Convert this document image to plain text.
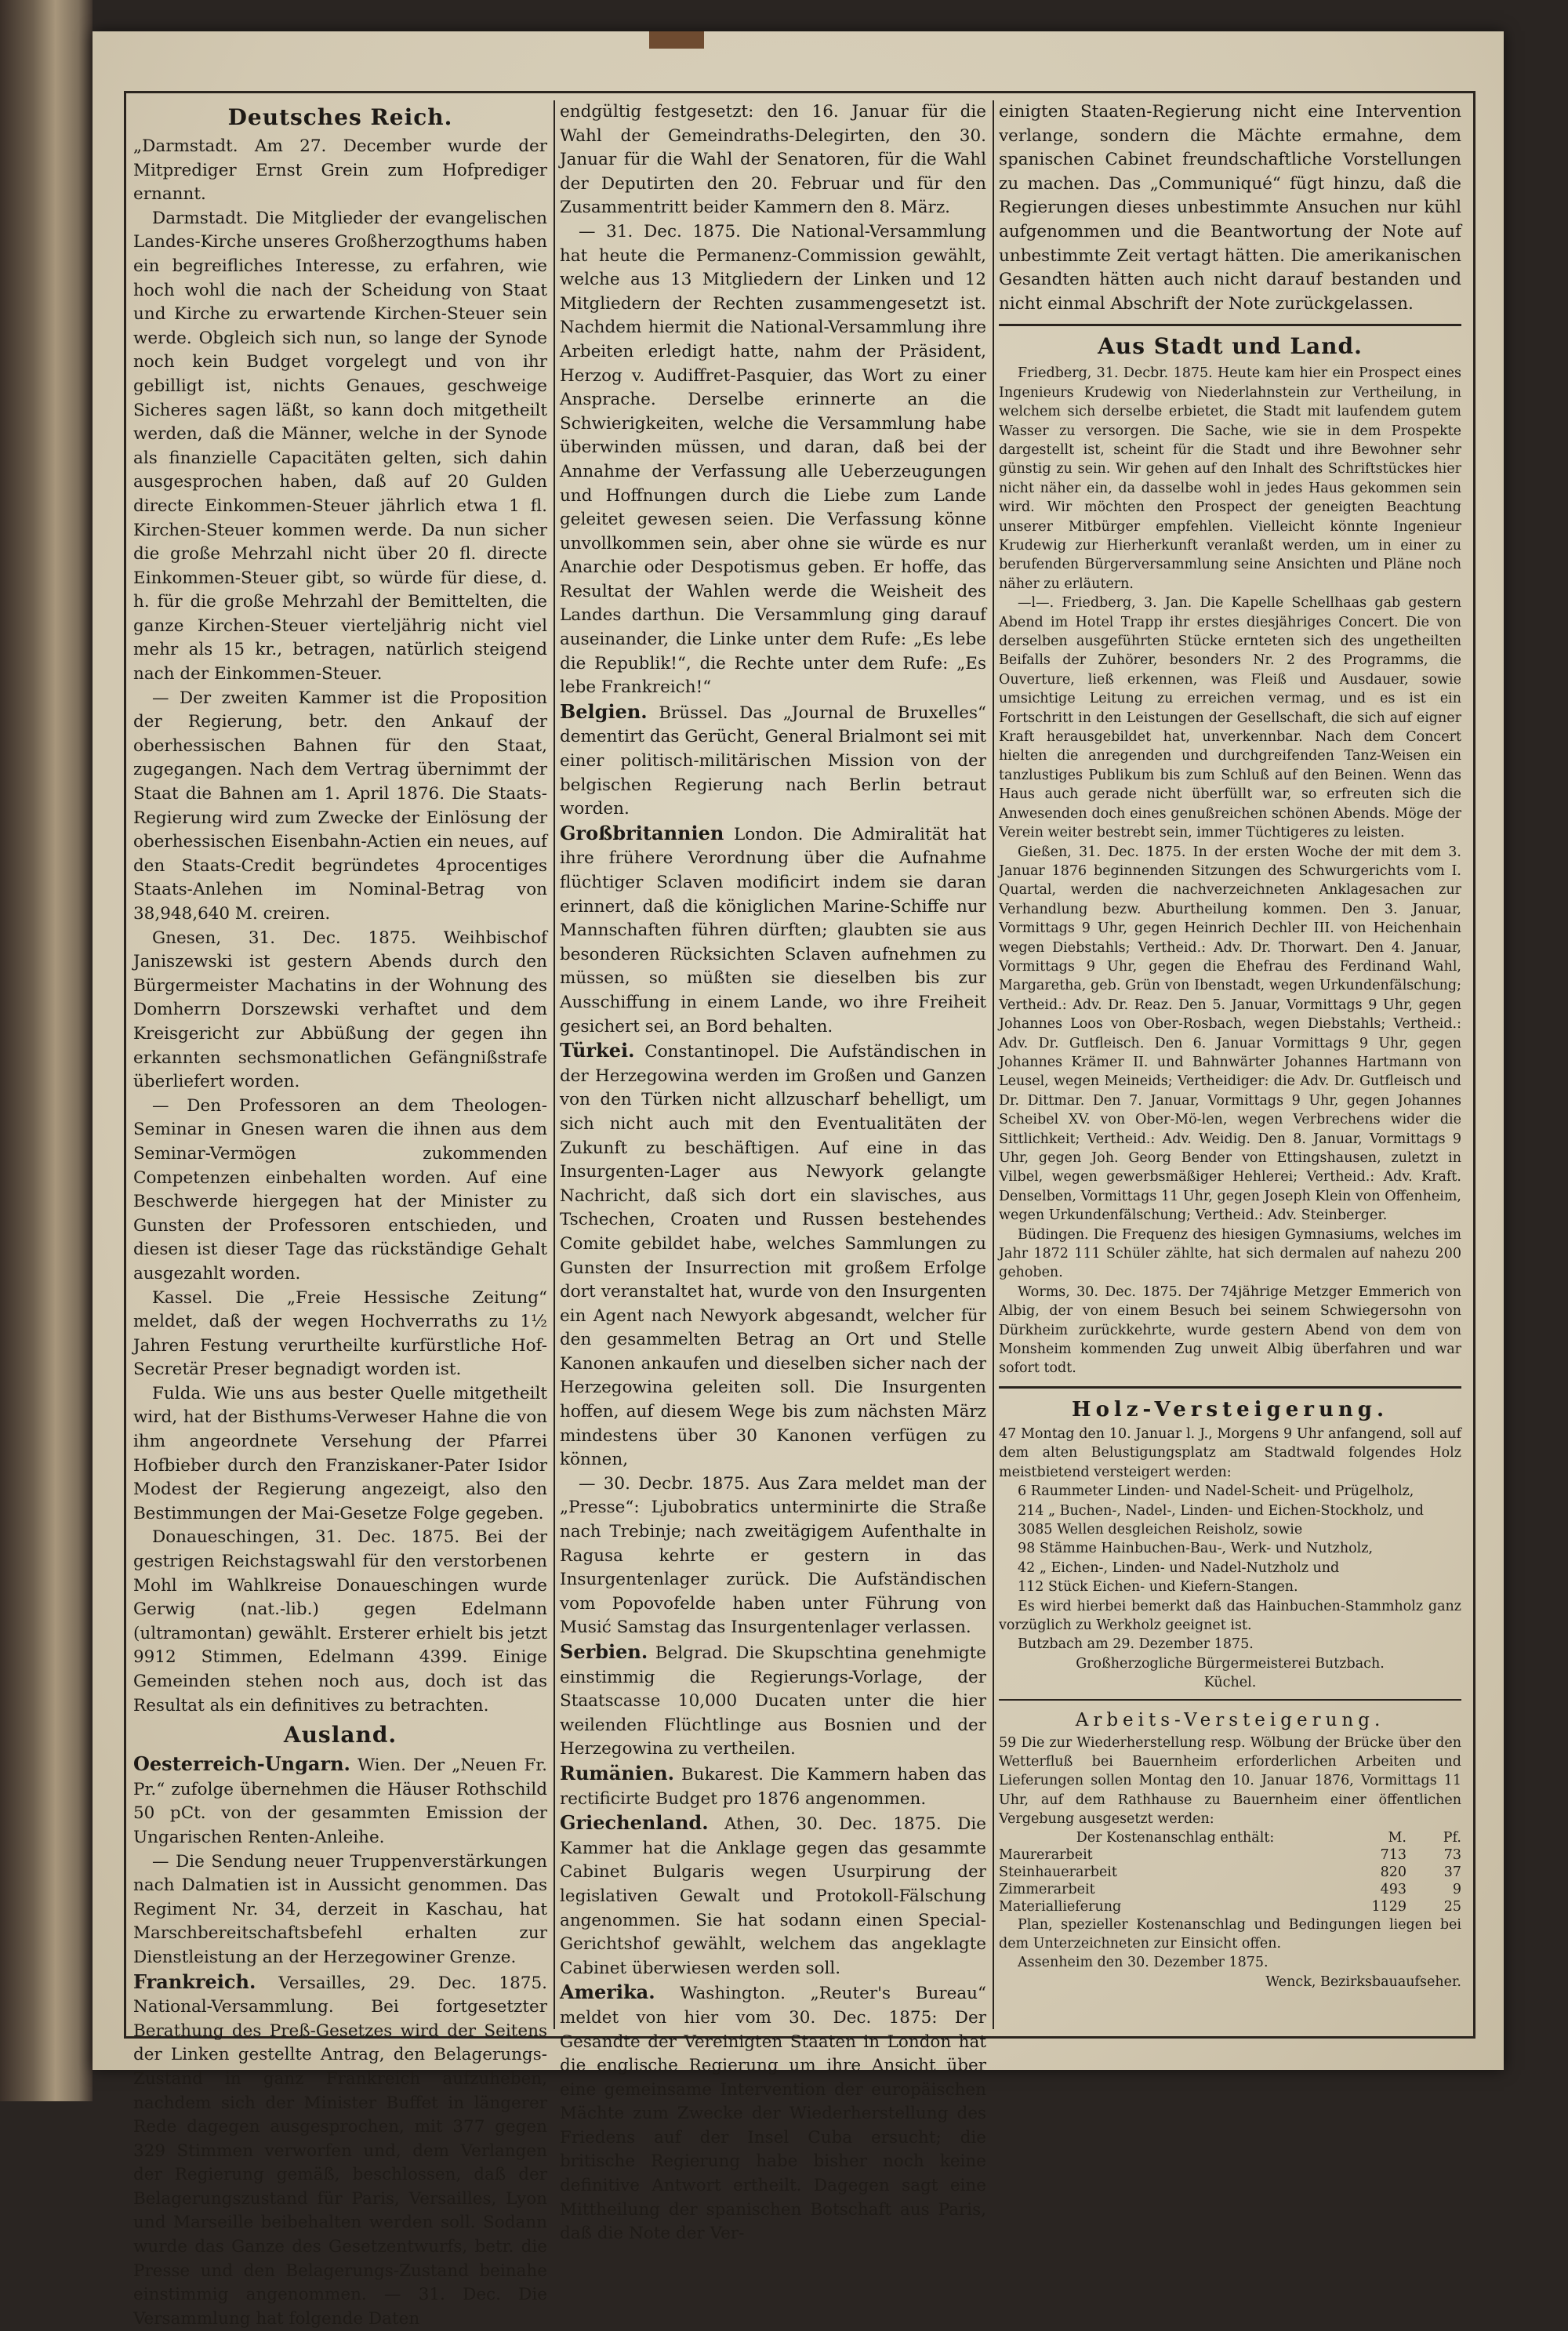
Deutsches Reich.

„Darmstadt. Am 27. December wurde der Mitprediger Ernst Grein zum Hofprediger ernannt.

Darmstadt. Die Mitglieder der evangelischen Landes-Kirche unseres Großherzogthums haben ein begreifliches Interesse, zu erfahren, wie hoch wohl die nach der Scheidung von Staat und Kirche zu erwartende Kirchen-Steuer sein werde. Obgleich sich nun, so lange der Synode noch kein Budget vorgelegt und von ihr gebilligt ist, nichts Genaues, geschweige Sicheres sagen läßt, so kann doch mitgetheilt werden, daß die Männer, welche in der Synode als finanzielle Capacitäten gelten, sich dahin ausgesprochen haben, daß auf 20 Gulden directe Einkommen-Steuer jährlich etwa 1 fl. Kirchen-Steuer kommen werde. Da nun sicher die große Mehrzahl nicht über 20 fl. directe Einkommen-Steuer gibt, so würde für diese, d. h. für die große Mehrzahl der Bemittelten, die ganze Kirchen-Steuer vierteljährig nicht viel mehr als 15 kr., betragen, natürlich steigend nach der Einkommen-Steuer.

— Der zweiten Kammer ist die Proposition der Regierung, betr. den Ankauf der oberhessischen Bahnen für den Staat, zugegangen. Nach dem Vertrag übernimmt der Staat die Bahnen am 1. April 1876. Die Staats-Regierung wird zum Zwecke der Einlösung der oberhessischen Eisenbahn-Actien ein neues, auf den Staats-Credit begründetes 4procentiges Staats-Anlehen im Nominal-Betrag von 38,948,640 M. creiren.

Gnesen, 31. Dec. 1875. Weihbischof Janiszewski ist gestern Abends durch den Bürgermeister Machatins in der Wohnung des Domherrn Dorszewski verhaftet und dem Kreisgericht zur Abbüßung der gegen ihn erkannten sechsmonatlichen Gefängnißstrafe überliefert worden.

— Den Professoren an dem Theologen-Seminar in Gnesen waren die ihnen aus dem Seminar-Vermögen zukommenden Competenzen einbehalten worden. Auf eine Beschwerde hiergegen hat der Minister zu Gunsten der Professoren entschieden, und diesen ist dieser Tage das rückständige Gehalt ausgezahlt worden.

Kassel. Die „Freie Hessische Zeitung“ meldet, daß der wegen Hochverraths zu 1½ Jahren Festung verurtheilte kurfürstliche Hof-Secretär Preser begnadigt worden ist.

Fulda. Wie uns aus bester Quelle mitgetheilt wird, hat der Bisthums-Verweser Hahne die von ihm angeordnete Versehung der Pfarrei Hofbieber durch den Franziskaner-Pater Isidor Modest der Regierung angezeigt, also den Bestimmungen der Mai-Gesetze Folge gegeben.

Donaueschingen, 31. Dec. 1875. Bei der gestrigen Reichstagswahl für den verstorbenen Mohl im Wahlkreise Donaueschingen wurde Gerwig (nat.-lib.) gegen Edelmann (ultramontan) gewählt. Ersterer erhielt bis jetzt 9912 Stimmen, Edelmann 4399. Einige Gemeinden stehen noch aus, doch ist das Resultat als ein definitives zu betrachten.

Ausland.

Oesterreich-Ungarn. Wien. Der „Neuen Fr. Pr.“ zufolge übernehmen die Häuser Rothschild 50 pCt. von der gesammten Emission der Ungarischen Renten-Anleihe.

— Die Sendung neuer Truppenverstärkungen nach Dalmatien ist in Aussicht genommen. Das Regiment Nr. 34, derzeit in Kaschau, hat Marschbereitschaftsbefehl erhalten zur Dienstleistung an der Herzegowiner Grenze.

Frankreich. Versailles, 29. Dec. 1875. National-Versammlung. Bei fortgesetzter Berathung des Preß-Gesetzes wird der Seitens der Linken gestellte Antrag, den Belagerungs-Zustand in ganz Frankreich aufzuheben, nachdem sich der Minister Buffet in längerer Rede dagegen ausgesprochen, mit 377 gegen 329 Stimmen verworfen und, dem Verlangen der Regierung gemäß, beschlossen, daß der Belagerungszustand für Paris, Versailles, Lyon und Marseille beibehalten werden soll. Sodann wurde das Ganze des Gesetzentwurfs, betr. die Presse und den Belagerungs-Zustand beinahe einstimmig angenommen. — 31. Dec. Die Versammlung hat folgende Daten

endgültig festgesetzt: den 16. Januar für die Wahl der Gemeindraths-Delegirten, den 30. Januar für die Wahl der Senatoren, für die Wahl der Deputirten den 20. Februar und für den Zusammentritt beider Kammern den 8. März.

— 31. Dec. 1875. Die National-Versammlung hat heute die Permanenz-Commission gewählt, welche aus 13 Mitgliedern der Linken und 12 Mitgliedern der Rechten zusammengesetzt ist. Nachdem hiermit die National-Versammlung ihre Arbeiten erledigt hatte, nahm der Präsident, Herzog v. Audiffret-Pasquier, das Wort zu einer Ansprache. Derselbe erinnerte an die Schwierigkeiten, welche die Versammlung habe überwinden müssen, und daran, daß bei der Annahme der Verfassung alle Ueberzeugungen und Hoffnungen durch die Liebe zum Lande geleitet gewesen seien. Die Verfassung könne unvollkommen sein, aber ohne sie würde es nur Anarchie oder Despotismus geben. Er hoffe, das Resultat der Wahlen werde die Weisheit des Landes darthun. Die Versammlung ging darauf auseinander, die Linke unter dem Rufe: „Es lebe die Republik!“, die Rechte unter dem Rufe: „Es lebe Frankreich!“

Belgien. Brüssel. Das „Journal de Bruxelles“ dementirt das Gerücht, General Brialmont sei mit einer politisch-militärischen Mission von der belgischen Regierung nach Berlin betraut worden.

Großbritannien London. Die Admiralität hat ihre frühere Verordnung über die Aufnahme flüchtiger Sclaven modificirt indem sie daran erinnert, daß die königlichen Marine-Schiffe nur Mannschaften führen dürften; glaubten sie aus besonderen Rücksichten Sclaven aufnehmen zu müssen, so müßten sie dieselben bis zur Ausschiffung in einem Lande, wo ihre Freiheit gesichert sei, an Bord behalten.

Türkei. Constantinopel. Die Aufständischen in der Herzegowina werden im Großen und Ganzen von den Türken nicht allzuscharf behelligt, um sich nicht auch mit den Eventualitäten der Zukunft zu beschäftigen. Auf eine in das Insurgenten-Lager aus Newyork gelangte Nachricht, daß sich dort ein slavisches, aus Tschechen, Croaten und Russen bestehendes Comite gebildet habe, welches Sammlungen zu Gunsten der Insurrection mit großem Erfolge dort veranstaltet hat, wurde von den Insurgenten ein Agent nach Newyork abgesandt, welcher für den gesammelten Betrag an Ort und Stelle Kanonen ankaufen und dieselben sicher nach der Herzegowina geleiten soll. Die Insurgenten hoffen, auf diesem Wege bis zum nächsten März mindestens über 30 Kanonen verfügen zu können,

— 30. Decbr. 1875. Aus Zara meldet man der „Presse“: Ljubobratics unterminirte die Straße nach Trebinje; nach zweitägigem Aufenthalte in Ragusa kehrte er gestern in das Insurgentenlager zurück. Die Aufständischen vom Popovofelde haben unter Führung von Musić Samstag das Insurgentenlager verlassen.

Serbien. Belgrad. Die Skupschtina genehmigte einstimmig die Regierungs-Vorlage, der Staatscasse 10,000 Ducaten unter die hier weilenden Flüchtlinge aus Bosnien und der Herzegowina zu vertheilen.

Rumänien. Bukarest. Die Kammern haben das rectificirte Budget pro 1876 angenommen.

Griechenland. Athen, 30. Dec. 1875. Die Kammer hat die Anklage gegen das gesammte Cabinet Bulgaris wegen Usurpirung der legislativen Gewalt und Protokoll-Fälschung angenommen. Sie hat sodann einen Special-Gerichtshof gewählt, welchem das angeklagte Cabinet überwiesen werden soll.

Amerika. Washington. „Reuter's Bureau“ meldet von hier vom 30. Dec. 1875: Der Gesandte der Vereinigten Staaten in London hat die englische Regierung um ihre Ansicht über eine gemeinsame Intervention der europäischen Mächte zum Zwecke der Wiederherstellung des Friedens auf der Insel Cuba ersucht; die britische Regierung habe bisher noch keine definitive Antwort ertheilt. Dagegen sagt eine Mittheilung der spanischen Botschaft aus Paris, daß die Note der Ver-

einigten Staaten-Regierung nicht eine Intervention verlange, sondern die Mächte ermahne, dem spanischen Cabinet freundschaftliche Vorstellungen zu machen. Das „Communiqué“ fügt hinzu, daß die Regierungen dieses unbestimmte Ansuchen nur kühl aufgenommen und die Beantwortung der Note auf unbestimmte Zeit vertagt hätten. Die amerikanischen Gesandten hätten auch nicht darauf bestanden und nicht einmal Abschrift der Note zurückgelassen.

Aus Stadt und Land.

Friedberg, 31. Decbr. 1875. Heute kam hier ein Prospect eines Ingenieurs Krudewig von Niederlahnstein zur Vertheilung, in welchem sich derselbe erbietet, die Stadt mit laufendem gutem Wasser zu versorgen. Die Sache, wie sie in dem Prospekte dargestellt ist, scheint für die Stadt und ihre Bewohner sehr günstig zu sein. Wir gehen auf den Inhalt des Schriftstückes hier nicht näher ein, da dasselbe wohl in jedes Haus gekommen sein wird. Wir möchten den Prospect der geneigten Beachtung unserer Mitbürger empfehlen. Vielleicht könnte Ingenieur Krudewig zur Hierherkunft veranlaßt werden, um in einer zu berufenden Bürgerversammlung seine Ansichten und Pläne noch näher zu erläutern.

—l—. Friedberg, 3. Jan. Die Kapelle Schellhaas gab gestern Abend im Hotel Trapp ihr erstes diesjähriges Concert. Die von derselben ausgeführten Stücke ernteten sich des ungetheilten Beifalls der Zuhörer, besonders Nr. 2 des Programms, die Ouverture, ließ erkennen, was Fleiß und Ausdauer, sowie umsichtige Leitung zu erreichen vermag, und es ist ein Fortschritt in den Leistungen der Gesellschaft, die sich auf eigner Kraft herausgebildet hat, unverkennbar. Nach dem Concert hielten die anregenden und durchgreifenden Tanz-Weisen ein tanzlustiges Publikum bis zum Schluß auf den Beinen. Wenn das Haus auch gerade nicht überfüllt war, so erfreuten sich die Anwesenden doch eines genußreichen schönen Abends. Möge der Verein weiter bestrebt sein, immer Tüchtigeres zu leisten.

Gießen, 31. Dec. 1875. In der ersten Woche der mit dem 3. Januar 1876 beginnenden Sitzungen des Schwurgerichts vom I. Quartal, werden die nachverzeichneten Anklagesachen zur Verhandlung bezw. Aburtheilung kommen. Den 3. Januar, Vormittags 9 Uhr, gegen Heinrich Dechler III. von Heichenhain wegen Diebstahls; Vertheid.: Adv. Dr. Thorwart. Den 4. Januar, Vormittags 9 Uhr, gegen die Ehefrau des Ferdinand Wahl, Margaretha, geb. Grün von Ibenstadt, wegen Urkundenfälschung; Vertheid.: Adv. Dr. Reaz. Den 5. Januar, Vormittags 9 Uhr, gegen Johannes Loos von Ober-Rosbach, wegen Diebstahls; Vertheid.: Adv. Dr. Gutfleisch. Den 6. Januar Vormittags 9 Uhr, gegen Johannes Krämer II. und Bahnwärter Johannes Hartmann von Leusel, wegen Meineids; Vertheidiger: die Adv. Dr. Gutfleisch und Dr. Dittmar. Den 7. Januar, Vormittags 9 Uhr, gegen Johannes Scheibel XV. von Ober-Mö-len, wegen Verbrechens wider die Sittlichkeit; Vertheid.: Adv. Weidig. Den 8. Januar, Vormittags 9 Uhr, gegen Joh. Georg Bender von Ettingshausen, zuletzt in Vilbel, wegen gewerbsmäßiger Hehlerei; Vertheid.: Adv. Kraft. Denselben, Vormittags 11 Uhr, gegen Joseph Klein von Offenheim, wegen Urkundenfälschung; Vertheid.: Adv. Steinberger.

Büdingen. Die Frequenz des hiesigen Gymnasiums, welches im Jahr 1872 111 Schüler zählte, hat sich dermalen auf nahezu 200 gehoben.

Worms, 30. Dec. 1875. Der 74jährige Metzger Emmerich von Albig, der von einem Besuch bei seinem Schwiegersohn von Dürkheim zurückkehrte, wurde gestern Abend von dem von Monsheim kommenden Zug unweit Albig überfahren und war sofort todt.

Holz-Versteigerung.

47 Montag den 10. Januar l. J., Morgens 9 Uhr anfangend, soll auf dem alten Belustigungsplatz am Stadtwald folgendes Holz meistbietend versteigert werden:

6 Raummeter Linden- und Nadel-Scheit- und Prügelholz,

214 „ Buchen-, Nadel-, Linden- und Eichen-Stockholz, und

3085 Wellen desgleichen Reisholz, sowie

98 Stämme Hainbuchen-Bau-, Werk- und Nutzholz,

42 „ Eichen-, Linden- und Nadel-Nutzholz und

112 Stück Eichen- und Kiefern-Stangen.

Es wird hierbei bemerkt daß das Hainbuchen-Stammholz ganz vorzüglich zu Werkholz geeignet ist.

Butzbach am 29. Dezember 1875.

Großherzogliche Bürgermeisterei Butzbach.

Küchel.

Arbeits-Versteigerung.

59 Die zur Wiederherstellung resp. Wölbung der Brücke über den Wetterfluß bei Bauernheim erforderlichen Arbeiten und Lieferungen sollen Montag den 10. Januar 1876, Vormittags 11 Uhr, auf dem Rathhause zu Bauernheim einer öffentlichen Vergebung ausgesetzt werden:

Der Kostenanschlag enthält:	M.	Pf.
Maurerarbeit	713	73
Steinhauerarbeit	820	37
Zimmerarbeit	493	9
Materiallieferung	1129	25

Plan, spezieller Kostenanschlag und Bedingungen liegen bei dem Unterzeichneten zur Einsicht offen.

Assenheim den 30. Dezember 1875.

Wenck, Bezirksbauaufseher.
